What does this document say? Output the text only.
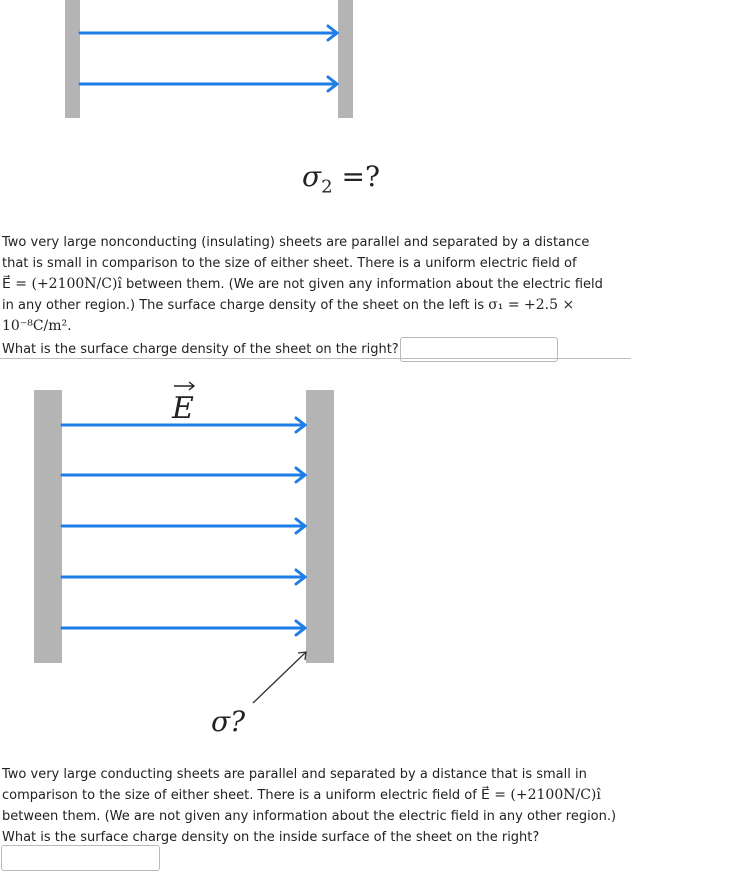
$\sigma_2$ =?
Two very large nonconducting (insulating) sheets are parallel and separated by a distance that is small in comparison to the size of either sheet. There is a uniform electric field of
E⃗ = (+2100N/C)î between them. (We are not given any information about the electric field in any other region.) The surface charge density of the sheet on the left is σ₁ = +2.5 × 10⁻⁸C/m².
What is the surface charge density of the sheet on the right?
E
σ?
Two very large conducting sheets are parallel and separated by a distance that is small in comparison to the size of either sheet. There is a uniform electric field of E⃗ = (+2100N/C)î between them. (We are not given any information about the electric field in any other region.) What is the surface charge density on the inside surface of the sheet on the right?
